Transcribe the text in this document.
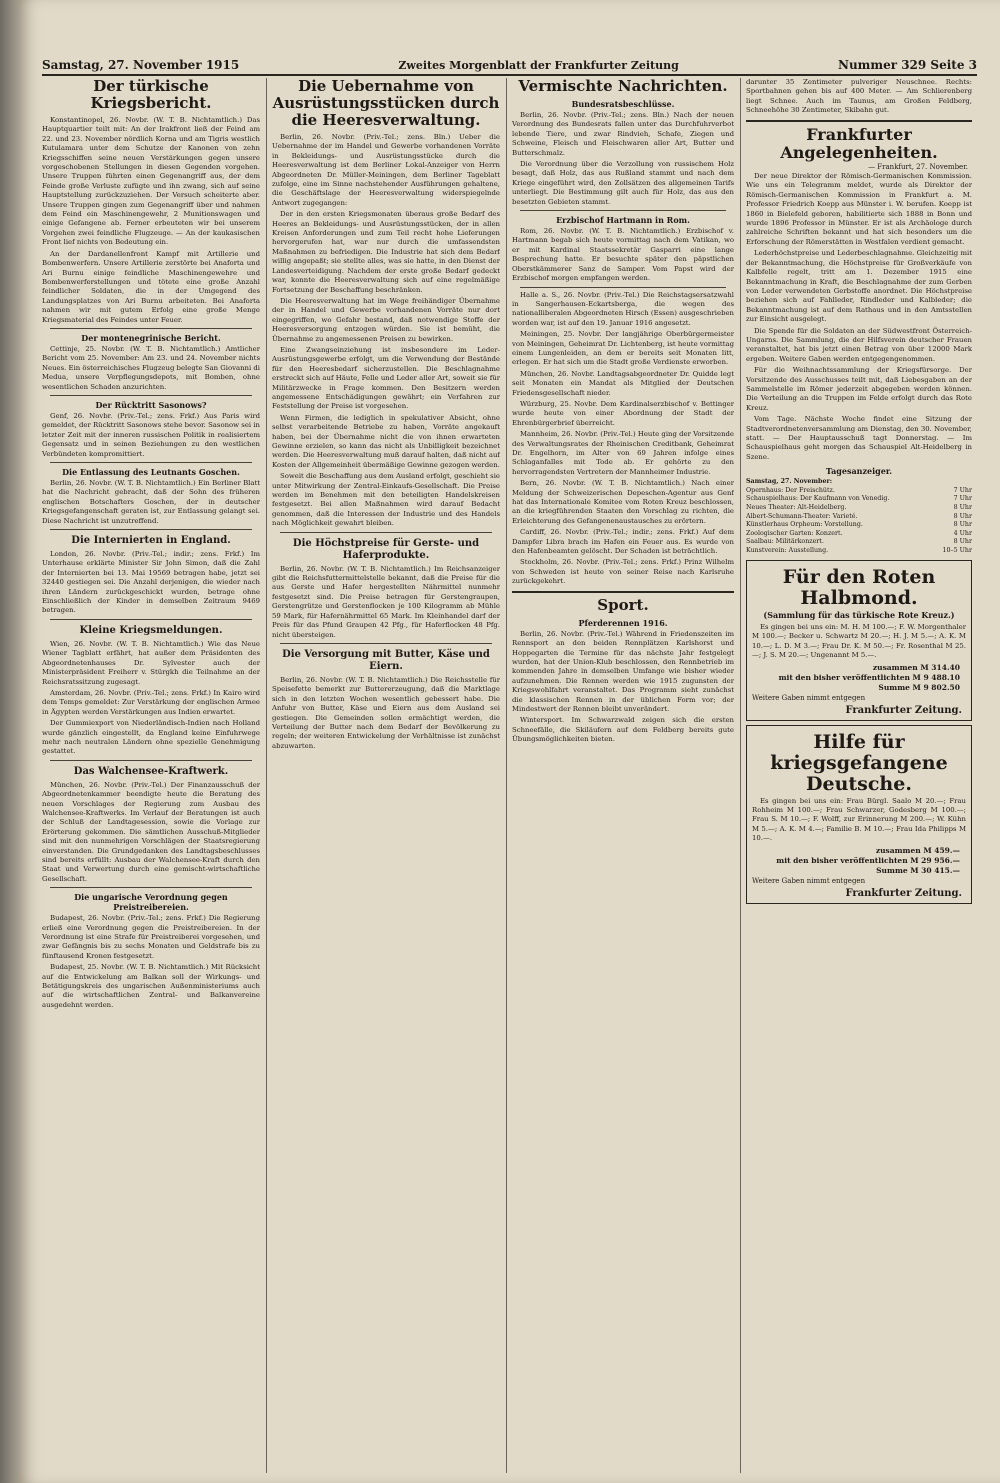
Samstag, 27. November 1915	Zweites Morgenblatt der Frankfurter Zeitung	Nummer 329 Seite 3
Der türkische Kriegsbericht.

Konstantinopel, 26. Novbr. (W. T. B. Nichtamtlich.) Das Hauptquartier teilt mit: An der Irakfront ließ der Feind am 22. und 23. November nördlich Korna und am Tigris westlich Kutulamara unter dem Schutze der Kanonen von zehn Kriegsschiffen seine neuen Verstärkungen gegen unsere vorgeschobenen Stellungen in diesen Gegenden vorgehen. Unsere Truppen führten einen Gegenangriff aus, der dem Feinde große Verluste zufügte und ihn zwang, sich auf seine Hauptstellung zurückzuziehen. Der Versuch scheiterte aber. Unsere Truppen gingen zum Gegenangriff über und nahmen dem Feind ein Maschinengewehr, 2 Munitionswagen und einige Gefangene ab. Ferner erbeuteten wir bei unserem Vorgehen zwei feindliche Flugzeuge. — An der kaukasischen Front lief nichts von Bedeutung ein.

An der Dardanellenfront Kampf mit Artillerie und Bombenwerfern. Unsere Artillerie zerstörte bei Anaforta und Ari Burnu einige feindliche Maschinengewehre und Bombenwerferstellungen und tötete eine große Anzahl feindlicher Soldaten, die in der Umgegend des Landungsplatzes von Ari Burnu arbeiteten. Bei Anaforta nahmen wir mit gutem Erfolg eine große Menge Kriegsmaterial des Feindes unter Feuer.

Der montenegrinische Bericht.

Cettinje, 25. Novbr. (W. T. B. Nichtamtlich.) Amtlicher Bericht vom 25. November: Am 23. und 24. November nichts Neues. Ein österreichisches Flugzeug belegte San Giovanni di Medua, unsere Verpflegungsdepots, mit Bomben, ohne wesentlichen Schaden anzurichten.

Der Rücktritt Sasonows?

Genf, 26. Novbr. (Priv.-Tel.; zens. Frkf.) Aus Paris wird gemeldet, der Rücktritt Sasonows stehe bevor. Sasonow sei in letzter Zeit mit der inneren russischen Politik in realisiertem Gegensatz und in seinen Beziehungen zu den westlichen Verbündeten kompromittiert.

Die Entlassung des Leutnants Goschen.

Berlin, 26. Novbr. (W. T. B. Nichtamtlich.) Ein Berliner Blatt hat die Nachricht gebracht, daß der Sohn des früheren englischen Botschafters Goschen, der in deutscher Kriegsgefangenschaft geraten ist, zur Entlassung gelangt sei. Diese Nachricht ist unzutreffend.

Die Internierten in England.

London, 26. Novbr. (Priv.-Tel.; indir.; zens. Frkf.) Im Unterhause erklärte Minister Sir John Simon, daß die Zahl der Internierten bei 13. Mai 19569 betragen habe, jetzt sei 32440 gestiegen sei. Die Anzahl derjenigen, die wieder nach ihren Ländern zurückgeschickt wurden, betrage ohne Einschließlich der Kinder in demselben Zeitraum 9469 betragen.

Kleine Kriegsmeldungen.

Wien, 26. Novbr. (W. T. B. Nichtamtlich.) Wie das Neue Wiener Tagblatt erfährt, hat außer dem Präsidenten des Abgeordnetenhauses Dr. Sylvester auch der Ministerpräsident Freiherr v. Stürgkh die Teilnahme an der Reichsratssitzung zugesagt.

Amsterdam, 26. Novbr. (Priv.-Tel.; zens. Frkf.) In Kairo wird dem Temps gemeldet: Zur Verstärkung der englischen Armee in Ägypten werden Verstärkungen aus Indien erwartet.

Der Gummiexport von Niederländisch-Indien nach Holland wurde gänzlich eingestellt, da England keine Einfuhrwege mehr nach neutralen Ländern ohne spezielle Genehmigung gestattet.

Das Walchensee-Kraftwerk.

München, 26. Novbr. (Priv.-Tel.) Der Finanzausschuß der Abgeordnetenkammer beendigte heute die Beratung des neuen Vorschlages der Regierung zum Ausbau des Walchensee-Kraftwerks. Im Verlauf der Beratungen ist auch der Schluß der Landtagesession, sowie die Vorlage zur Erörterung gekommen. Die sämtlichen Ausschuß-Mitglieder sind mit den nunmehrigen Vorschlägen der Staatsregierung einverstanden. Die Grundgedanken des Landtagsbeschlusses sind bereits erfüllt: Ausbau der Walchensee-Kraft durch den Staat und Verwertung durch eine gemischt-wirtschaftliche Gesellschaft.

Die ungarische Verordnung gegen Preistreibereien.

Budapest, 26. Novbr. (Priv.-Tel.; zens. Frkf.) Die Regierung erließ eine Verordnung gegen die Preistreibereien. In der Verordnung ist eine Strafe für Preistreiberei vorgesehen, und zwar Gefängnis bis zu sechs Monaten und Geldstrafe bis zu fünftausend Kronen festgesetzt.

Budapest, 25. Novbr. (W. T. B. Nichtamtlich.) Mit Rücksicht auf die Entwickelung am Balkan soll der Wirkungs- und Betätigungskreis des ungarischen Außenministeriums auch auf die wirtschaftlichen Zentral- und Balkanvereine ausgedehnt werden.

Die Uebernahme von Ausrüstungsstücken durch die Heeresverwaltung.

Berlin, 26. Novbr. (Priv.-Tel.; zens. Bln.) Ueber die Uebernahme der im Handel und Gewerbe vorhandenen Vorräte in Bekleidungs- und Ausrüstungsstücke durch die Heeresverwaltung ist dem Berliner Lokal-Anzeiger von Herrn Abgeordneten Dr. Müller-Meiningen, dem Berliner Tageblatt zufolge, eine im Sinne nachstehender Ausführungen gehaltene, die Geschäftslage der Heeresverwaltung widerspiegelnde Antwort zugegangen:

Der in den ersten Kriegsmonaten überaus große Bedarf des Heeres an Bekleidungs- und Ausrüstungsstücken, der in allen Kreisen Anforderungen und zum Teil recht hohe Lieferungen hervorgerufen hat, war nur durch die umfassendsten Maßnahmen zu befriedigen. Die Industrie hat sich dem Bedarf willig angepaßt; sie stellte alles, was sie hatte, in den Dienst der Landesverteidigung. Nachdem der erste große Bedarf gedeckt war, konnte die Heeresverwaltung sich auf eine regelmäßige Fortsetzung der Beschaffung beschränken.

Die Heeresverwaltung hat im Wege freihändiger Übernahme der in Handel und Gewerbe vorhandenen Vorräte nur dort eingegriffen, wo Gefahr bestand, daß notwendige Stoffe der Heeresversorgung entzogen würden. Sie ist bemüht, die Übernahme zu angemessenen Preisen zu bewirken.

Eine Zwangseinziehung ist insbesondere im Leder-Ausrüstungsgewerbe erfolgt, um die Verwendung der Bestände für den Heeresbedarf sicherzustellen. Die Beschlagnahme erstreckt sich auf Häute, Felle und Leder aller Art, soweit sie für Militärzwecke in Frage kommen. Den Besitzern werden angemessene Entschädigungen gewährt; ein Verfahren zur Feststellung der Preise ist vorgesehen.

Wenn Firmen, die lediglich in spekulativer Absicht, ohne selbst verarbeitende Betriebe zu haben, Vorräte angekauft haben, bei der Übernahme nicht die von ihnen erwarteten Gewinne erzielen, so kann das nicht als Unbilligkeit bezeichnet werden. Die Heeresverwaltung muß darauf halten, daß nicht auf Kosten der Allgemeinheit übermäßige Gewinne gezogen werden.

Soweit die Beschaffung aus dem Ausland erfolgt, geschieht sie unter Mitwirkung der Zentral-Einkaufs-Gesellschaft. Die Preise werden im Benehmen mit den beteiligten Handelskreisen festgesetzt. Bei allen Maßnahmen wird darauf Bedacht genommen, daß die Interessen der Industrie und des Handels nach Möglichkeit gewahrt bleiben.

Die Höchstpreise für Gerste- und Haferprodukte.

Berlin, 26. Novbr. (W. T. B. Nichtamtlich.) Im Reichsanzeiger gibt die Reichsfuttermittelstelle bekannt, daß die Preise für die aus Gerste und Hafer hergestellten Nährmittel nunmehr festgesetzt sind. Die Preise betragen für Gerstengraupen, Gerstengrütze und Gerstenflocken je 100 Kilogramm ab Mühle 59 Mark, für Hafernährmittel 65 Mark. Im Kleinhandel darf der Preis für das Pfund Graupen 42 Pfg., für Haferflocken 48 Pfg. nicht übersteigen.

Die Versorgung mit Butter, Käse und Eiern.

Berlin, 26. Novbr. (W. T. B. Nichtamtlich.) Die Reichsstelle für Speisefette bemerkt zur Buttererzeugung, daß die Marktlage sich in den letzten Wochen wesentlich gebessert habe. Die Anfuhr von Butter, Käse und Eiern aus dem Ausland sei gestiegen. Die Gemeinden sollen ermächtigt werden, die Verteilung der Butter nach dem Bedarf der Bevölkerung zu regeln; der weiteren Entwickelung der Verhältnisse ist zunächst abzuwarten.

Vermischte Nachrichten.
Bundesratsbeschlüsse.

Berlin, 26. Novbr. (Priv.-Tel.; zens. Bln.) Nach der neuen Verordnung des Bundesrats fallen unter das Durchfuhrverbot lebende Tiere, und zwar Rindvieh, Schafe, Ziegen und Schweine, Fleisch und Fleischwaren aller Art, Butter und Butterschmalz.

Die Verordnung über die Verzollung von russischem Holz besagt, daß Holz, das aus Rußland stammt und nach dem Kriege eingeführt wird, den Zollsätzen des allgemeinen Tarifs unterliegt. Die Bestimmung gilt auch für Holz, das aus den besetzten Gebieten stammt.

Erzbischof Hartmann in Rom.

Rom, 26. Novbr. (W. T. B. Nichtamtlich.) Erzbischof v. Hartmann begab sich heute vormittag nach dem Vatikan, wo er mit Kardinal Staatssekretär Gasparri eine lange Besprechung hatte. Er besuchte später den päpstlichen Oberstkämmerer Sanz de Samper. Vom Papst wird der Erzbischof morgen empfangen werden.

Halle a. S., 26. Novbr. (Priv.-Tel.) Die Reichstagsersatzwahl in Sangerhausen-Eckartsberga, die wegen des nationalliberalen Abgeordneten Hirsch (Essen) ausgeschrieben worden war, ist auf den 19. Januar 1916 angesetzt.

Meiningen, 25. Novbr. Der langjährige Oberbürgermeister von Meiningen, Geheimrat Dr. Lichtenberg, ist heute vormittag einem Lungenleiden, an dem er bereits seit Monaten litt, erlegen. Er hat sich um die Stadt große Verdienste erworben.

München, 26. Novbr. Landtagsabgeordneter Dr. Quidde legt seit Monaten ein Mandat als Mitglied der Deutschen Friedensgesellschaft nieder.

Würzburg, 25. Novbr. Dem Kardinalserzbischof v. Bettinger wurde heute von einer Abordnung der Stadt der Ehrenbürgerbrief überreicht.

Mannheim, 26. Novbr. (Priv.-Tel.) Heute ging der Vorsitzende des Verwaltungsrates der Rheinischen Creditbank, Geheimrat Dr. Engelhorn, im Alter von 69 Jahren infolge eines Schlaganfalles mit Tode ab. Er gehörte zu den hervorragendsten Vertretern der Mannheimer Industrie.

Bern, 26. Novbr. (W. T. B. Nichtamtlich.) Nach einer Meldung der Schweizerischen Depeschen-Agentur aus Genf hat das Internationale Komitee vom Roten Kreuz beschlossen, an die kriegführenden Staaten den Vorschlag zu richten, die Erleichterung des Gefangenenaustausches zu erörtern.

Cardiff, 26. Novbr. (Priv.-Tel.; indir.; zens. Frkf.) Auf dem Dampfer Libra brach im Hafen ein Feuer aus. Es wurde von den Hafenbeamten gelöscht. Der Schaden ist beträchtlich.

Stockholm, 26. Novbr. (Priv.-Tel.; zens. Frkf.) Prinz Wilhelm von Schweden ist heute von seiner Reise nach Karlsruhe zurückgekehrt.

Sport.
Pferderennen 1916.

Berlin, 26. Novbr. (Priv.-Tel.) Während in Friedenszeiten im Rennsport an den beiden Rennplätzen Karlshorst und Hoppegarten die Termine für das nächste Jahr festgelegt wurden, hat der Union-Klub beschlossen, den Rennbetrieb im kommenden Jahre in demselben Umfange wie bisher wieder aufzunehmen. Die Rennen werden wie 1915 zugunsten der Kriegswohlfahrt veranstaltet. Das Programm sieht zunächst die klassischen Rennen in der üblichen Form vor; der Mindestwert der Rennen bleibt unverändert.

Wintersport. Im Schwarzwald zeigen sich die ersten Schneefälle, die Skiläufern auf dem Feldberg bereits gute Übungsmöglichkeiten bieten.

darunter 35 Zentimeter pulveriger Neuschnee. Rechts: Sportbahnen gehen bis auf 400 Meter. — Am Schlierenberg liegt Schnee. Auch im Taunus, am Großen Feldberg, Schneehöhe 30 Zentimeter, Skibahn gut.

Frankfurter Angelegenheiten.
— Frankfurt, 27. November.

Der neue Direktor der Römisch-Germanischen Kommission. Wie uns ein Telegramm meldet, wurde als Direktor der Römisch-Germanischen Kommission in Frankfurt a. M. Professor Friedrich Koepp aus Münster i. W. berufen. Koepp ist 1860 in Bielefeld geboren, habilitierte sich 1888 in Bonn und wurde 1896 Professor in Münster. Er ist als Archäologe durch zahlreiche Schriften bekannt und hat sich besonders um die Erforschung der Römerstätten in Westfalen verdient gemacht.

Lederhöchstpreise und Lederbeschlagnahme. Gleichzeitig mit der Bekanntmachung, die Höchstpreise für Großverkäufe von Kalbfelle regelt, tritt am 1. Dezember 1915 eine Bekanntmachung in Kraft, die Beschlagnahme der zum Gerben von Leder verwendeten Gerbstoffe anordnet. Die Höchstpreise beziehen sich auf Fahlleder, Rindleder und Kalbleder; die Bekanntmachung ist auf dem Rathaus und in den Amtsstellen zur Einsicht ausgelegt.

Die Spende für die Soldaten an der Südwestfront Österreich-Ungarns. Die Sammlung, die der Hilfsverein deutscher Frauen veranstaltet, hat bis jetzt einen Betrag von über 12000 Mark ergeben. Weitere Gaben werden entgegengenommen.

Für die Weihnachtssammlung der Kriegsfürsorge. Der Vorsitzende des Ausschusses teilt mit, daß Liebesgaben an der Sammelstelle im Römer jederzeit abgegeben werden können. Die Verteilung an die Truppen im Felde erfolgt durch das Rote Kreuz.

Vom Tage. Nächste Woche findet eine Sitzung der Stadtverordnetenversammlung am Dienstag, den 30. November, statt. — Der Hauptausschuß tagt Donnerstag. — Im Schauspielhaus geht morgen das Schauspiel Alt-Heidelberg in Szene.

Tagesanzeiger.
Samstag, 27. November:
Opernhaus: Der Freischütz.	7 Uhr
Schauspielhaus: Der Kaufmann von Venedig.	7 Uhr
Neues Theater: Alt-Heidelberg.	8 Uhr
Albert-Schumann-Theater: Varieté.	8 Uhr
Künstlerhaus Orpheum: Vorstellung.	8 Uhr
Zoologischer Garten: Konzert.	4 Uhr
Saalbau: Militärkonzert.	8 Uhr
Kunstverein: Ausstellung.	10–5 Uhr
Für den Roten Halbmond.
(Sammlung für das türkische Rote Kreuz.)

Es gingen bei uns ein: M. H. M 100.—; F. W. Morgenthaler M 100.—; Becker u. Schwartz M 20.—; H. J. M 5.—; A. K. M 10.—; L. D. M 3.—; Frau Dr. K. M 50.—; Fr. Rosenthal M 25.—; J. S. M 20.—; Ungenannt M 5.—.

zusammen M 314.40
mit den bisher veröffentlichten M 9 488.10
Summe M 9 802.50
Weitere Gaben nimmt entgegen
Frankfurter Zeitung.
Hilfe für kriegsgefangene Deutsche.

Es gingen bei uns ein: Frau Bürgl. Saalo M 20.—; Frau Rohheim M 100.—; Frau Schwarzer, Godesberg M 100.—; Frau S. M 10.—; F. Wolff, zur Erinnerung M 200.—; W. Kühn M 5.—; A. K. M 4.—; Familie B. M 10.—; Frau Ida Philipps M 10.—.

zusammen M 459.—
mit den bisher veröffentlichten M 29 956.—
Summe M 30 415.—
Weitere Gaben nimmt entgegen
Frankfurter Zeitung.
